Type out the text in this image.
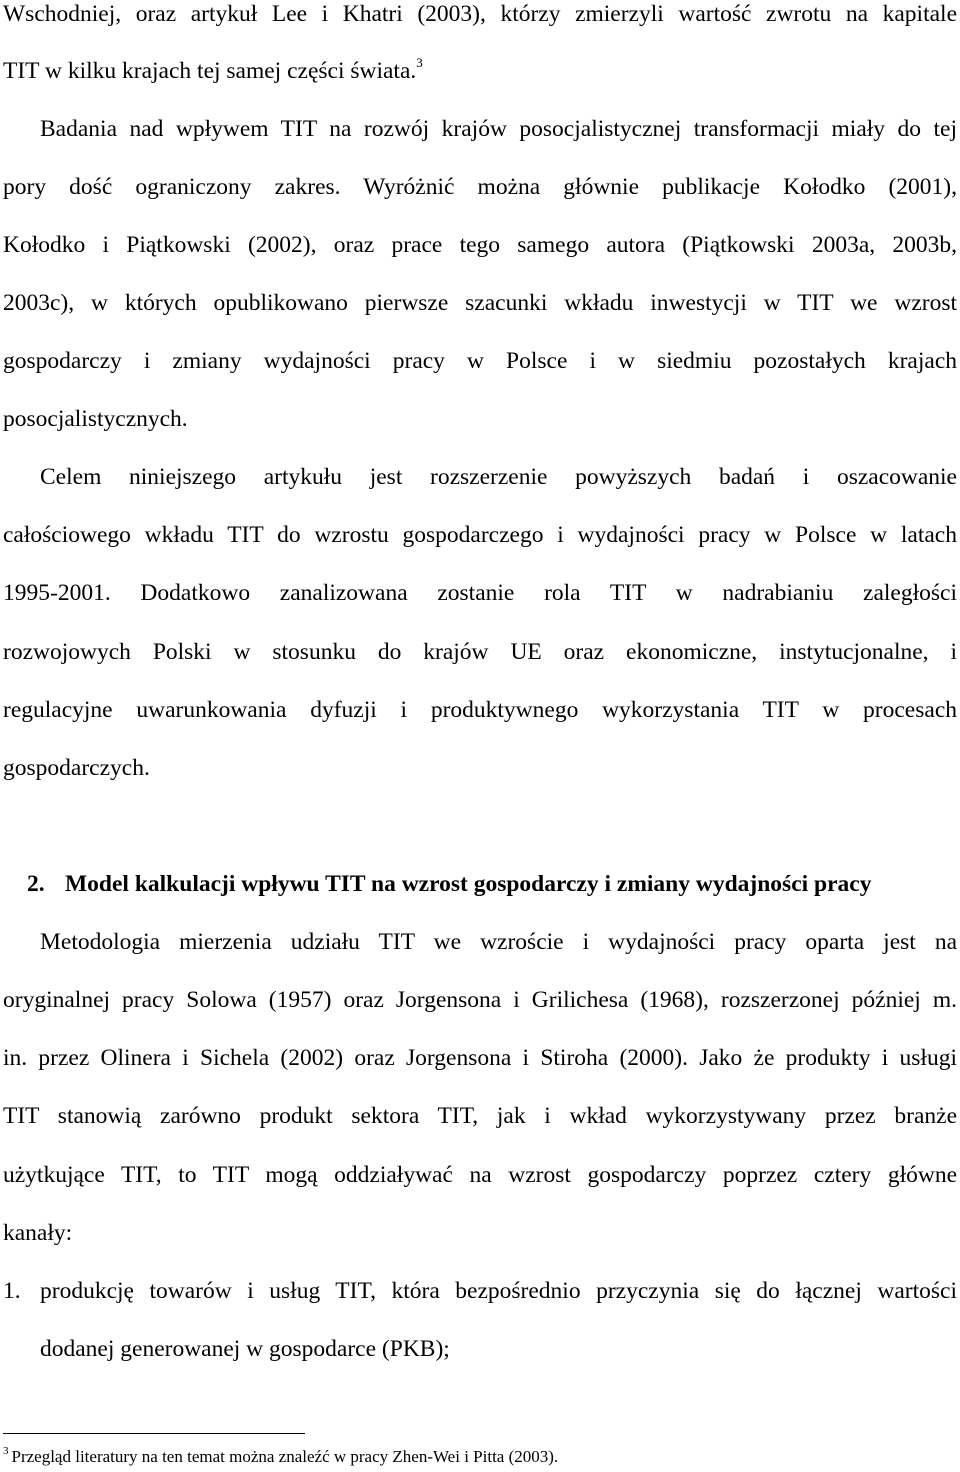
Wschodniej, oraz artykuł Lee i Khatri (2003), którzy zmierzyli wartość zwrotu na kapitale
TIT w kilku krajach tej samej części świata.$^3$
Badania nad wpływem TIT na rozwój krajów posocjalistycznej transformacji miały do tej
pory dość ograniczony zakres. Wyróżnić można głównie publikacje Kołodko (2001),
Kołodko i Piątkowski (2002), oraz prace tego samego autora (Piątkowski 2003a, 2003b,
2003c), w których opublikowano pierwsze szacunki wkładu inwestycji w TIT we wzrost
gospodarczy i zmiany wydajności pracy w Polsce i w siedmiu pozostałych krajach
posocjalistycznych.
Celem niniejszego artykułu jest rozszerzenie powyższych badań i oszacowanie
całościowego wkładu TIT do wzrostu gospodarczego i wydajności pracy w Polsce w latach
1995-2001. Dodatkowo zanalizowana zostanie rola TIT w nadrabianiu zaległości
rozwojowych Polski w stosunku do krajów UE oraz ekonomiczne, instytucjonalne, i
regulacyjne uwarunkowania dyfuzji i produktywnego wykorzystania TIT w procesach
gospodarczych.
2. Model kalkulacji wpływu TIT na wzrost gospodarczy i zmiany wydajności pracy
Metodologia mierzenia udziału TIT we wzroście i wydajności pracy oparta jest na
oryginalnej pracy Solowa (1957) oraz Jorgensona i Grilichesa (1968), rozszerzonej później m.
in. przez Olinera i Sichela (2002) oraz Jorgensona i Stiroha (2000). Jako że produkty i usługi
TIT stanowią zarówno produkt sektora TIT, jak i wkład wykorzystywany przez branże
użytkujące TIT, to TIT mogą oddziaływać na wzrost gospodarczy poprzez cztery główne
kanały:
1. produkcję towarów i usług TIT, która bezpośrednio przyczynia się do łącznej wartości
dodanej generowanej w gospodarce (PKB);
$^3$ Przegląd literatury na ten temat można znaleźć w pracy Zhen-Wei i Pitta (2003).
